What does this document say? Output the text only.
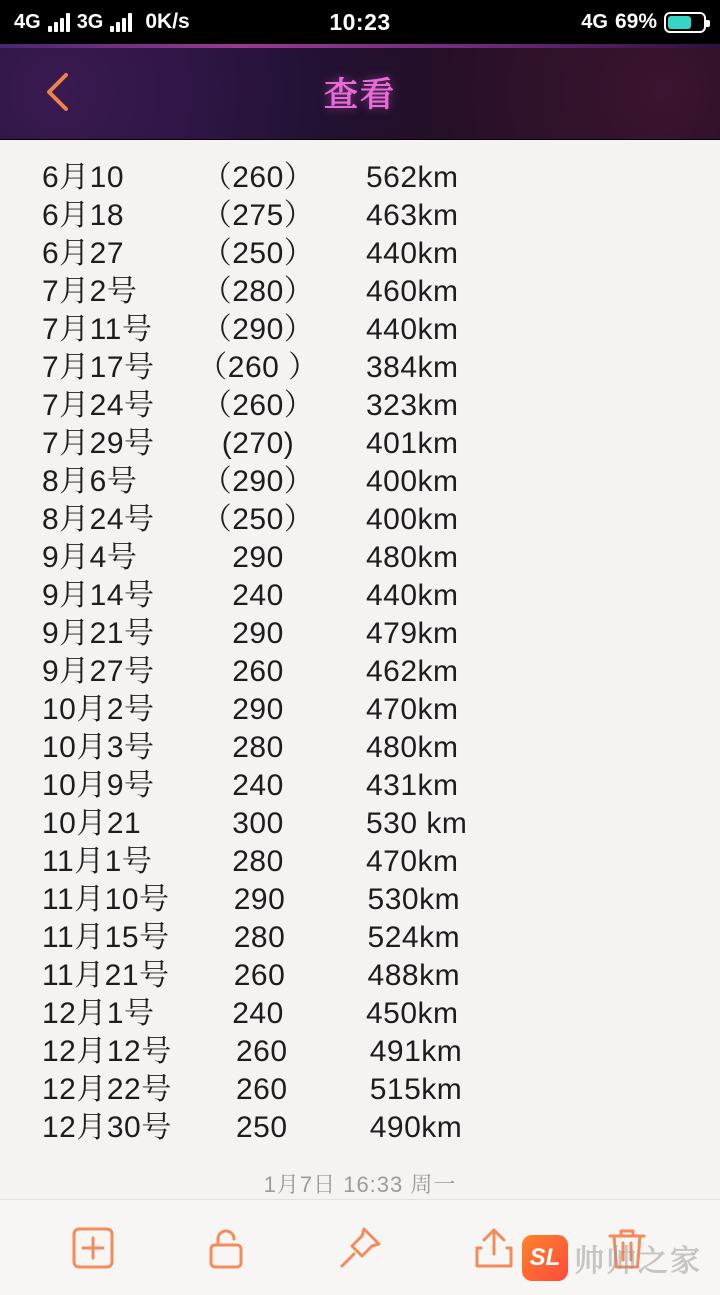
4G 3G 0K/s	10:23	4G 69%
查看
6月10	（260）	562km
6月18	（275）	463km
6月27	（250）	440km
7月2号	（280）	460km
7月11号	（290）	440km
7月17号	（260 ）	384km
7月24号	（260）	323km
7月29号	(270)	401km
8月6号	（290）	400km
8月24号	（250）	400km
9月4号	290	480km
9月14号	240	440km
9月21号	290	479km
9月27号	260	462km
10月2号	290	470km
10月3号	280	480km
10月9号	240	431km
10月21	300	530 km
11月1号	280	470km
11月10号	290	530km
11月15号	280	524km
11月21号	260	488km
12月1号	240	450km
12月12号	260	491km
12月22号	260	515km
12月30号	250	490km
1月7日 16:33 周一
SL 帅帅之家
